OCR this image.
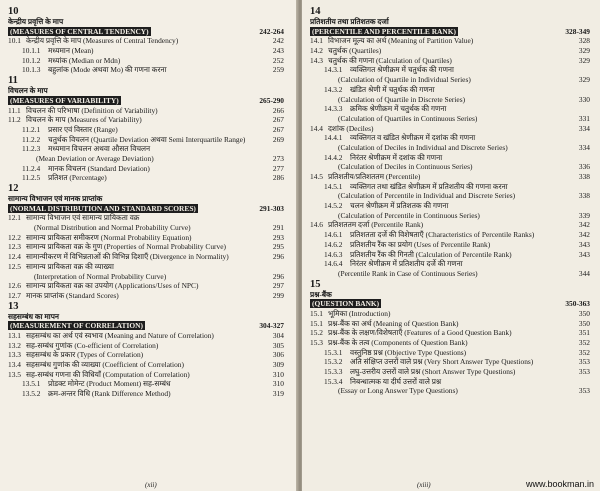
10
केन्द्रीय प्रवृत्ति के माप
(MEASURES OF CENTRAL TENDENCY)	242-264
10.1 केन्द्रीय प्रवृत्ति के माप (Measures of Central Tendency)	242
10.1.1 मध्यमान (Mean)	243
10.1.2 मध्यांक (Median or Mdn)	252
10.1.3 बहुलांक (Mode अथवा Mo) की गणना करना	259
11
विचलन के माप
(MEASURES OF VARIABILITY)	265-290
11.1 विचलन की परिभाषा (Definition of Variability)	266
11.2 विचलन के माप (Measures of Variability)	267
11.2.1 प्रसार एवं विस्तार (Range)	267
11.2.2 चतुर्थक विचलन (Quartile Deviation अथवा Semi Interquartile Range)	269
11.2.3 मध्यमान विचलन अथवा औसत विचलन
(Mean Deviation or Average Deviation)	273
11.2.4 मानक विचलन (Standard Deviation)	277
11.2.5 प्रतिशत (Percentage)	286
12
सामान्य विभाजन एवं मानक प्राप्तांक
(NORMAL DISTRIBUTION AND STANDARD SCORES)	291-303
12.1 सामान्य विभाजन एवं सामान्य प्रायिकता वक्र
(Normal Distribution and Normal Probability Curve)	291
12.2 सामान्य प्रायिकता समीकरण (Normal Probability Equation)	293
12.3 सामान्य प्रायिकता वक्र के गुण (Properties of Normal Probability Curve)	295
12.4 सामान्यीकरण में विभिन्नताओं की विभिन्न दिशाएँ (Divergence in Normality)	296
12.5 सामान्य प्रायिकता वक्र की व्याख्या
(Interpretation of Normal Probability Curve)	296
12.6 सामान्य प्रायिकता वक्र का उपयोग (Applications/Uses of NPC)	297
12.7 मानक प्राप्तांक (Standard Scores)	299
13
सहसम्बंध का मापन
(MEASUREMENT OF CORRELATION)	304-327
13.1 सहसम्बंध का अर्थ एवं स्वभाव (Meaning and Nature of Correlation)	304
13.2 सह-सम्बंध गुणांक (Co-efficient of Correlation)	305
13.3 सहसम्बंध के प्रकार (Types of Correlation)	306
13.4 सहसम्बंध गुणांक की व्याख्या (Coefficient of Correlation)	309
13.5 सह-सम्बंध गणना की विधियाँ (Computation of Correlation)	310
13.5.1 प्रोडक्ट मोमेन्ट (Product Moment) सह-सम्बंध	310
13.5.2 क्रम-अन्तर विधि (Rank Difference Method)	319
(xii)
14
प्रतिशतीय तथा प्रतिशतक दर्जा
(PERCENTILE AND PERCENTILE RANK)	328-349
14.1 विभाजन मूल्य का अर्थ (Meaning of Partition Value)	328
14.2 चतुर्थक (Quartiles)	329
14.3 चतुर्थक की गणना (Calculation of Quartiles)	329
14.3.1 व्यक्तिगत श्रेणीक्रम में चतुर्थक की गणना
(Calculation of Quartile in Individual Series)	329
14.3.2 खंडित श्रेणी में चतुर्थक की गणना
(Calculation of Quartile in Discrete Series)	330
14.3.3 क्रमिक श्रेणीक्रम में चतुर्थक की गणना
(Calculation of Quartiles in Continuous Series)	331
14.4 दशांक (Deciles)	334
14.4.1 व्यक्तिगत व खंडित श्रेणीक्रम में दशांक की गणना
(Calculation of Deciles in Individual and Discrete Series)	334
14.4.2 निरंतर श्रेणीक्रम में दशांक की गणना
(Calculation of Deciles in Continuous Series)	336
14.5 प्रतिशतीय/प्रतिशततम (Percentile)	338
14.5.1 व्यक्तिगत तथा खंडित श्रेणीक्रम में प्रतिशतीय की गणना करना
(Calculation of Percentile in Individual and Discrete Series)	338
14.5.2 चलन श्रेणीक्रम में प्रतिशतक की गणना
(Calculation of Percentile in Continuous Series)	339
14.6 प्रतिशततम दर्जा (Percentile Rank)	342
14.6.1 प्रतिशतता दर्जे की विशेषताएँ (Characteristics of Percentile Ranks)	342
14.6.2 प्रतिशतीय रैंक का प्रयोग (Uses of Percentile Rank)	343
14.6.3 प्रतिशतीय रैंक की गिनती (Calculation of Percentile Rank)	343
14.6.4 निरंतर श्रेणीक्रम में प्रतिशतीय दर्जे की गणना
(Percentile Rank in Case of Continuous Series)	344
15
प्रश्न-बैंक
(QUESTION BANK)	350-363
15.1 भूमिका (Introduction)	350
15.1 प्रश्न-बैंक का अर्थ (Meaning of Question Bank)	350
15.2 प्रश्न-बैंक के लक्षण/विशेषताएँ (Features of a Good Question Bank)	351
15.3 प्रश्न-बैंक के तत्व (Components of Question Bank)	352
15.3.1 वस्तुनिष्ठ प्रश्न (Objective Type Questions)	352
15.3.2 अति संक्षिप्त उत्तरों वाले प्रश्न (Very Short Answer Type Questions)	353
15.3.3 लघु-उत्तरीय उत्तरों वाले प्रश्न (Short Answer Type Questions)	353
15.3.4 निबन्धात्मक या दीर्घ उत्तरों वाले प्रश्न
(Essay or Long Answer Type Questions)	353
(xiii)	www.bookman.in
